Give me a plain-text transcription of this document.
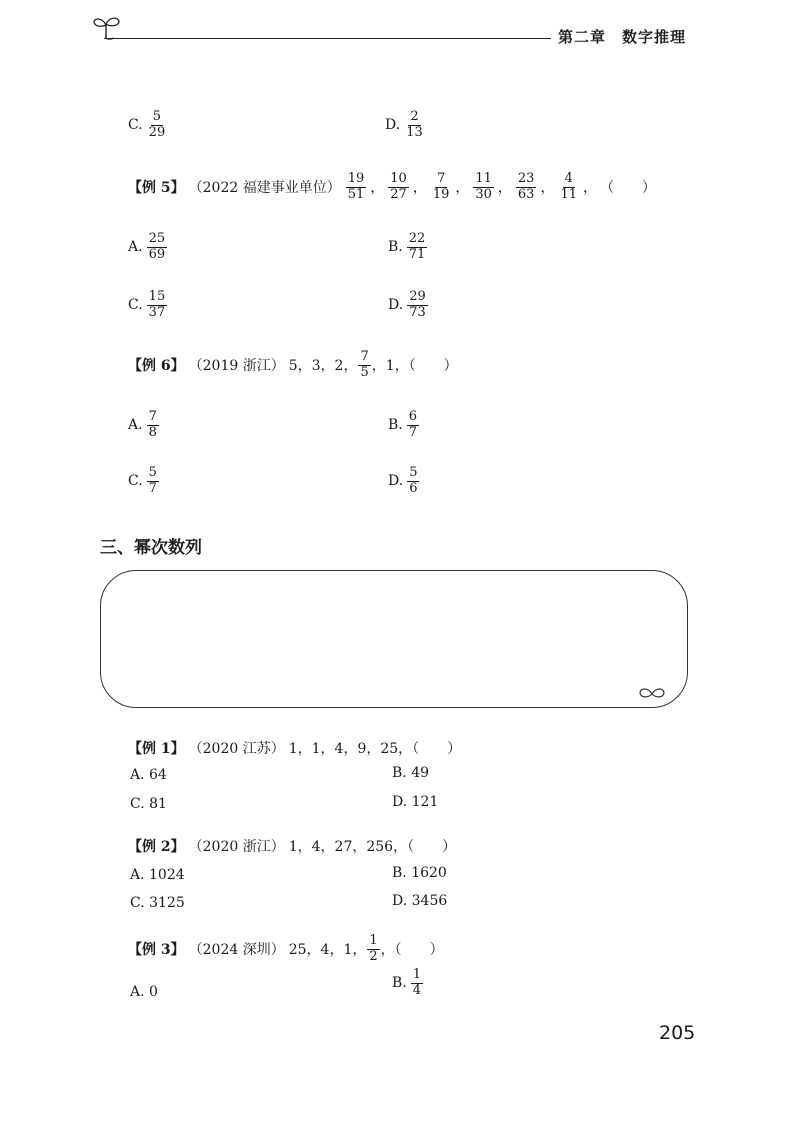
第二章　数字推理
C. $\frac{5}{29}$	D. $\frac{2}{13}$
【例 5】 （2022 福建事业单位） $\frac{19}{51}$ ， $\frac{10}{27}$ ， $\frac{7}{19}$ ， $\frac{11}{30}$ ， $\frac{23}{63}$ ， $\frac{4}{11}$ ， （　　）
A. $\frac{25}{69}$	B. $\frac{22}{71}$
C. $\frac{15}{37}$	D. $\frac{29}{73}$
【例 6】 （2019 浙江） 5，3，2， $\frac{7}{5}$ ，1，（　　）
A. $\frac{7}{8}$	B. $\frac{6}{7}$
C. $\frac{5}{7}$	D. $\frac{5}{6}$
三、幂次数列
【例 1】 （2020 江苏） 1，1，4，9，25，（　　）
A. 64	B. 49
C. 81	D. 121
【例 2】 （2020 浙江） 1，4，27，256，（　　）
A. 1024	B. 1620
C. 3125	D. 3456
【例 3】 （2024 深圳） 25，4，1， $\frac{1}{2}$ ，（　　）
A. 0
B. $\frac{1}{4}$
205
